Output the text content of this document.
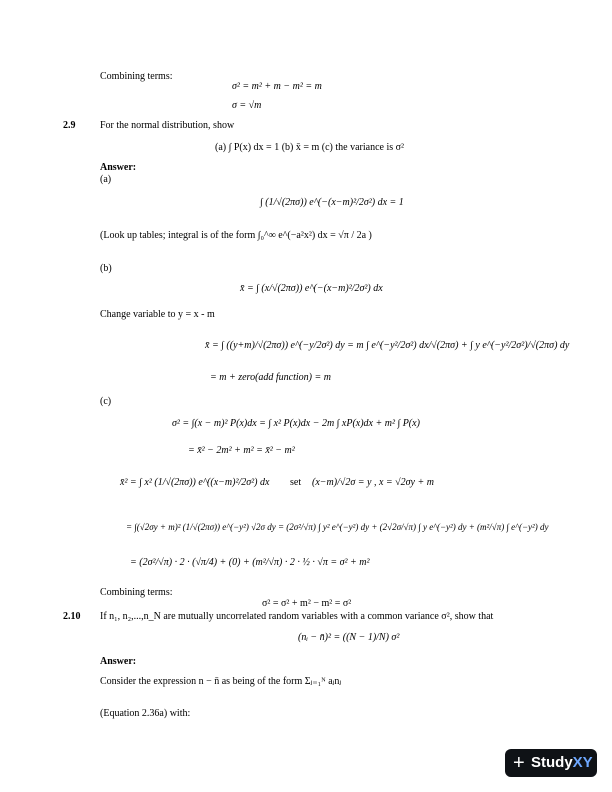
Combining terms:
σ² = m² + m − m² = m
σ = √m
2.9 For the normal distribution, show
(a) ∫ P(x) dx = 1 (b) x̄ = m (c) the variance is σ²
Answer:
(a)
∫ (1/√(2πσ)) e^(−(x−m)²/2σ²) dx = 1
(Look up tables; integral is of the form ∫₀^∞ e^(−a²x²) dx = √π / 2a )
(b)
x̄ = ∫ (x/√(2πσ)) e^(−(x−m)²/2σ²) dx
Change variable to y = x - m
x̄ = ∫ ((y+m)/√(2πσ)) e^(−y/2σ²) dy = m ∫ e^(−y²/2σ²) dx/√(2πσ) + ∫ y e^(−y²/2σ²)/√(2πσ) dy
= m + zero(add function) = m
(c)
σ² = ∫(x − m)² P(x)dx = ∫ x² P(x)dx − 2m ∫ xP(x)dx + m² ∫ P(x)
= x̄² − 2m² + m² = x̄² − m²
x̄² = ∫ x² (1/√(2πσ)) e^((x−m)²/2σ²) dx set (x−m)/√2σ = y , x = √2σy + m
= ∫(√2σy + m)² (1/√(2πσ)) e^(−y²) √2σ dy = (2σ²/√π) ∫ y² e^(−y²) dy + (2√2σ/√π) ∫ y e^(−y²) dy + (m²/√π) ∫ e^(−y²) dy
= (2σ²/√π) · 2 · (√π/4) + (0) + (m²/√π) · 2 · ½ · √π = σ² + m²
Combining terms:
σ² = σ² + m² − m² = σ²
2.10 If n₁, n₂,...,n_N are mutually uncorrelated random variables with a common variance σ², show that
(nᵢ − n̄)² = ((N − 1)/N) σ²
Answer:
Consider the expression n − n̄ as being of the form Σⱼ₌₁ᴺ aⱼnⱼ
(Equation 2.36a) with:
+ StudyXY
